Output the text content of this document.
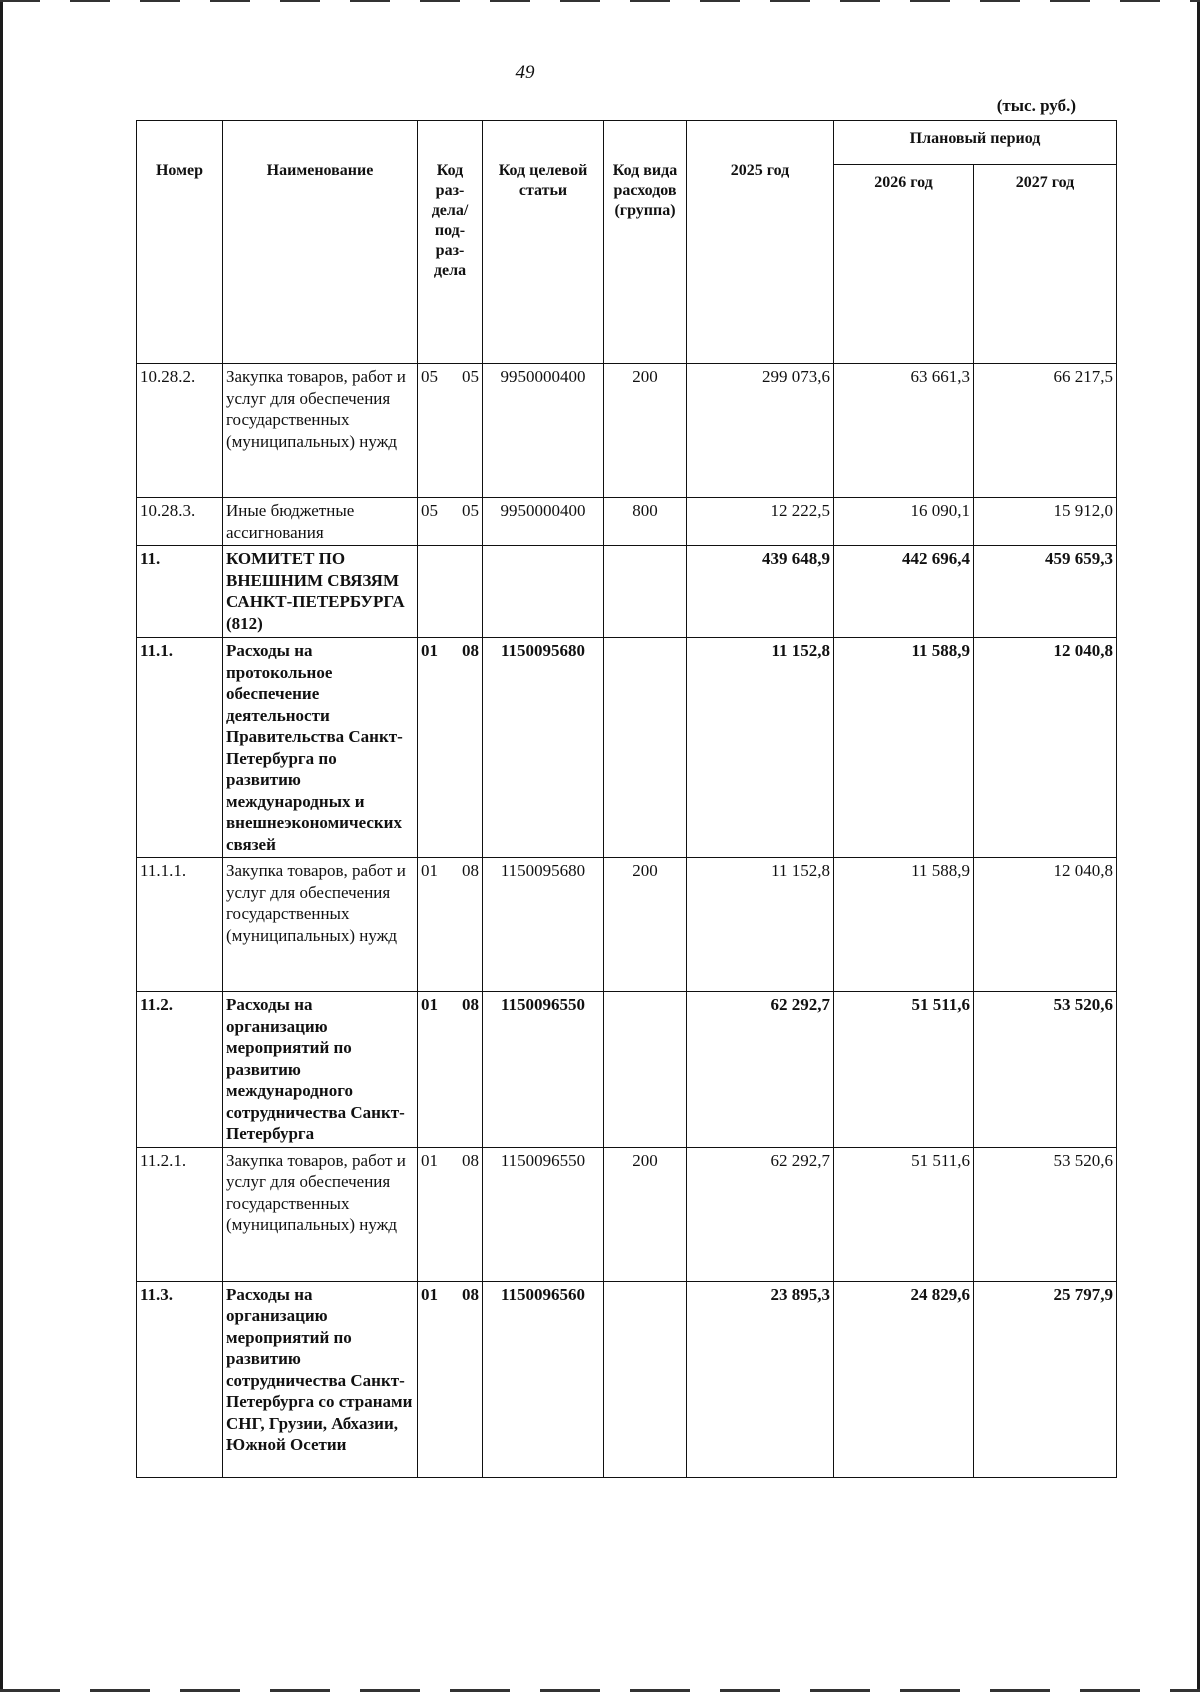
49
(тыс. руб.)
Номер	Наименование	Код раз-дела/ под-раз-дела	Код целевой статьи	Код вида расходов (группа)	2025 год	Плановый период	
						2026 год	2027 год
10.28.2.	Закупка товаров, работ и услуг для обеспечения государственных (муниципальных) нужд	05 05	9950000400	200	299 073,6	63 661,3	66 217,5
10.28.3.	Иные бюджетные ассигнования	05 05	9950000400	800	12 222,5	16 090,1	15 912,0
11.	КОМИТЕТ ПО ВНЕШНИМ СВЯЗЯМ САНКТ-ПЕТЕРБУРГА (812)				439 648,9	442 696,4	459 659,3
11.1.	Расходы на протокольное обеспечение деятельности Правительства Санкт-Петербурга по развитию международных и внешнеэкономических связей	01 08	1150095680		11 152,8	11 588,9	12 040,8
11.1.1.	Закупка товаров, работ и услуг для обеспечения государственных (муниципальных) нужд	01 08	1150095680	200	11 152,8	11 588,9	12 040,8
11.2.	Расходы на организацию мероприятий по развитию международного сотрудничества Санкт-Петербурга	01 08	1150096550		62 292,7	51 511,6	53 520,6
11.2.1.	Закупка товаров, работ и услуг для обеспечения государственных (муниципальных) нужд	01 08	1150096550	200	62 292,7	51 511,6	53 520,6
11.3.	Расходы на организацию мероприятий по развитию сотрудничества Санкт-Петербурга со странами СНГ, Грузии, Абхазии, Южной Осетии	01 08	1150096560		23 895,3	24 829,6	25 797,9
